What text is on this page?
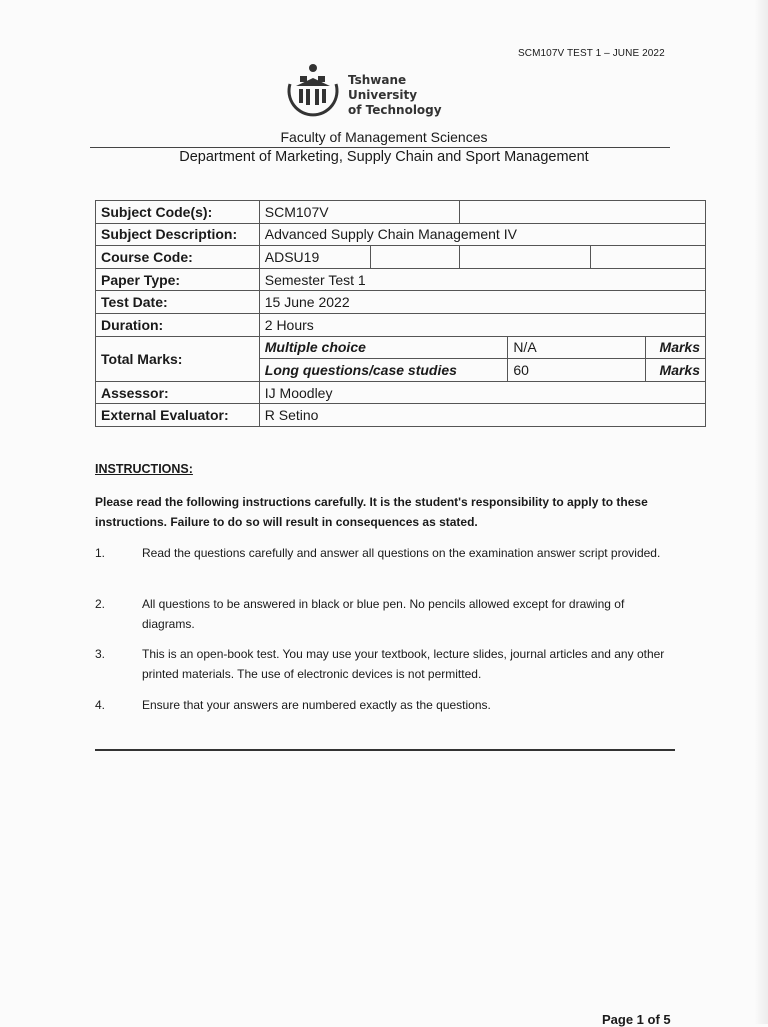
SCM107V TEST 1 – JUNE 2022
Tshwane University
of Technology
Faculty of Management Sciences
Department of Marketing, Supply Chain and Sport Management
Subject Code(s):	SCM107V					
Subject Description:	Advanced Supply Chain Management IV					
Course Code:	ADSU19					
Paper Type:	Semester Test 1					
Test Date:	15 June 2022					
Duration:	2 Hours					
Total Marks:	Multiple choice			N/A		Marks
	Long questions/case studies			60		Marks
Assessor:	IJ Moodley					
External Evaluator:	R Setino					
INSTRUCTIONS:
Please read the following instructions carefully. It is the student's responsibility to apply to these instructions. Failure to do so will result in consequences as stated.
1.	Read the questions carefully and answer all questions on the examination answer script provided.
2.	All questions to be answered in black or blue pen. No pencils allowed except for drawing of diagrams.
3.	This is an open-book test. You may use your textbook, lecture slides, journal articles and any other printed materials. The use of electronic devices is not permitted.
4.	Ensure that your answers are numbered exactly as the questions.
Page 1 of 5
